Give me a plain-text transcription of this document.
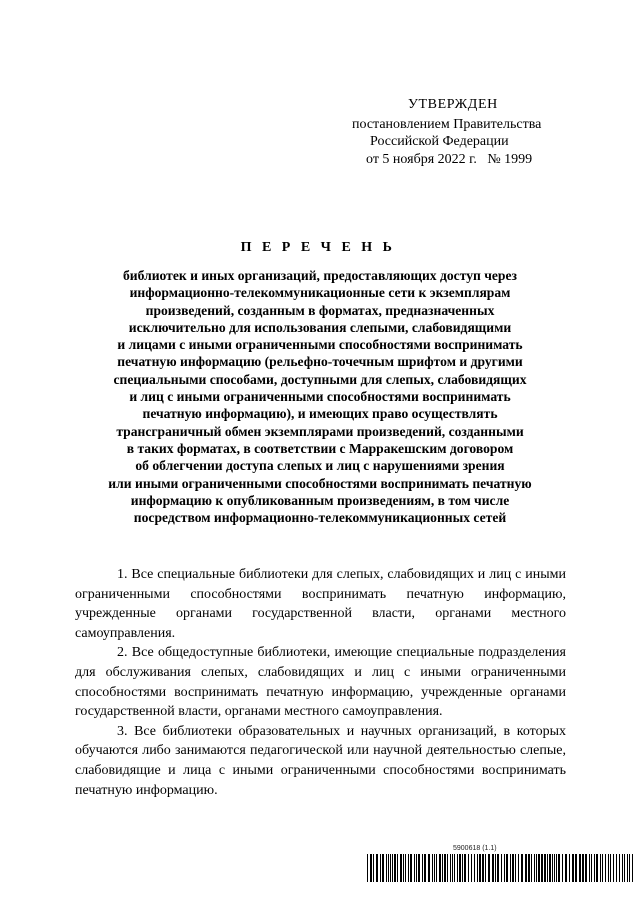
УТВЕРЖДЕН
постановлением Правительства
Российской Федерации
от 5 ноября 2022 г.   № 1999
П Е Р Е Ч Е Н Ь
библиотек и иных организаций, предоставляющих доступ через
информационно-телекоммуникационные сети к экземплярам
произведений, созданным в форматах, предназначенных
исключительно для использования слепыми, слабовидящими
и лицами с иными ограниченными способностями воспринимать
печатную информацию (рельефно-точечным шрифтом и другими
специальными способами, доступными для слепых, слабовидящих
и лиц с иными ограниченными способностями воспринимать
печатную информацию), и имеющих право осуществлять
трансграничный обмен экземплярами произведений, созданными
в таких форматах, в соответствии с Марракешским договором
об облегчении доступа слепых и лиц с нарушениями зрения
или иными ограниченными способностями воспринимать печатную
информацию к опубликованным произведениям, в том числе
посредством информационно-телекоммуникационных сетей

1. Все специальные библиотеки для слепых, слабовидящих и лиц с иными ограниченными способностями воспринимать печатную информацию, учрежденные органами государственной власти, органами местного самоуправления.

2. Все общедоступные библиотеки, имеющие специальные подразделения для обслуживания слепых, слабовидящих и лиц с иными ограниченными способностями воспринимать печатную информацию, учрежденные органами государственной власти, органами местного самоуправления.

3. Все библиотеки образовательных и научных организаций, в которых обучаются либо занимаются педагогической или научной деятельностью слепые, слабовидящие и лица с иными ограниченными способностями воспринимать печатную информацию.

5900618 (1.1)
